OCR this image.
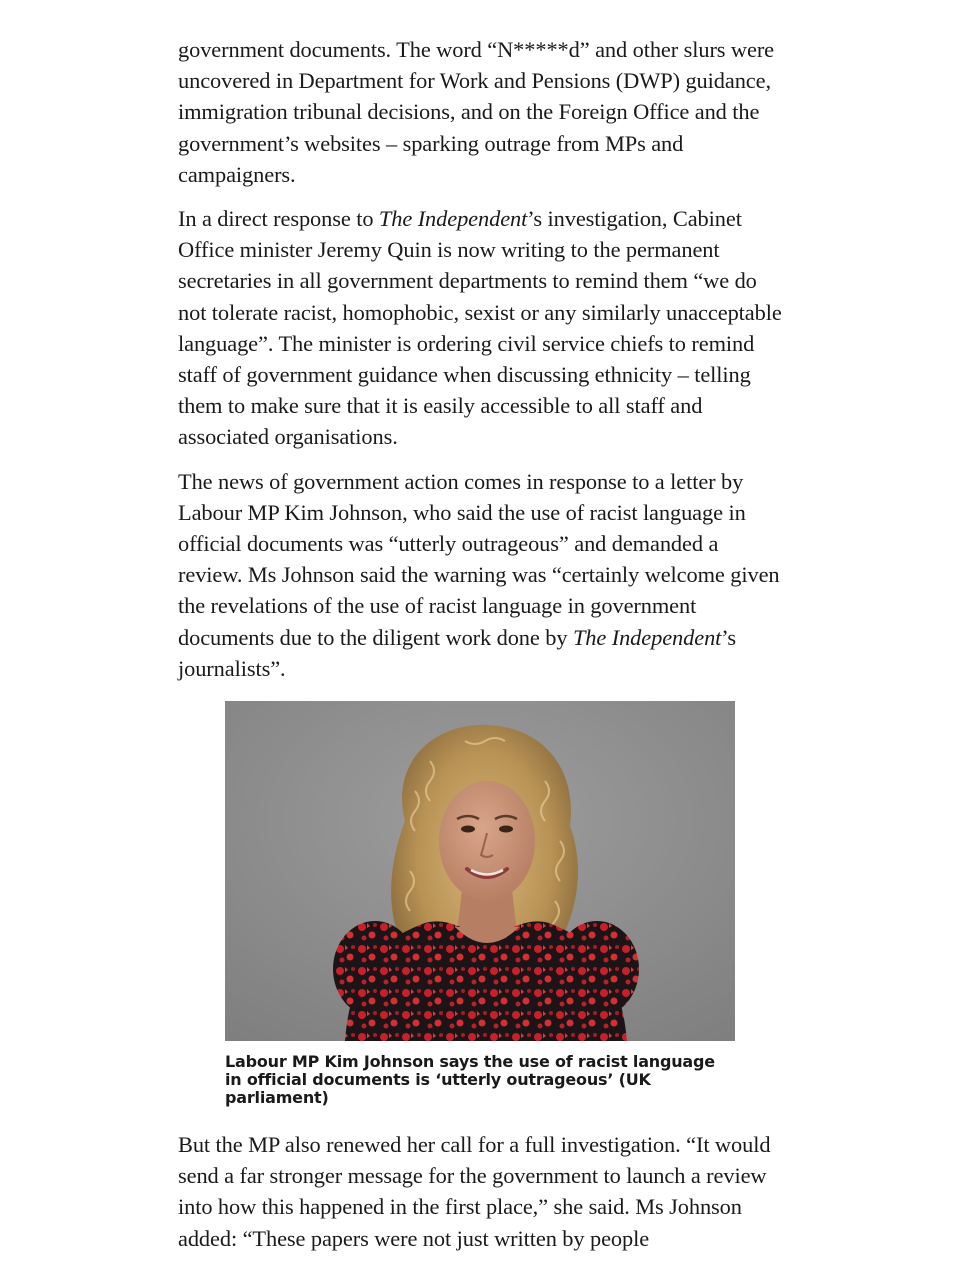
government documents. The word “N*****d” and other slurs were uncovered in Department for Work and Pensions (DWP) guidance, immigration tribunal decisions, and on the Foreign Office and the government’s websites – sparking outrage from MPs and campaigners.

In a direct response to The Independent’s investigation, Cabinet Office minister Jeremy Quin is now writing to the permanent secretaries in all government departments to remind them “we do not tolerate racist, homophobic, sexist or any similarly unacceptable language”. The minister is ordering civil service chiefs to remind staff of government guidance when discussing ethnicity – telling them to make sure that it is easily accessible to all staff and associated organisations.

The news of government action comes in response to a letter by Labour MP Kim Johnson, who said the use of racist language in official documents was “utterly outrageous” and demanded a review. Ms Johnson said the warning was “certainly welcome given the revelations of the use of racist language in government documents due to the diligent work done by The Independent’s journalists”.

Labour MP Kim Johnson says the use of racist language in official documents is ‘utterly outrageous’ (UK parliament)

But the MP also renewed her call for a full investigation. “It would send a far stronger message for the government to launch a review into how this happened in the first place,” she said. Ms Johnson added: “These papers were not just written by people
